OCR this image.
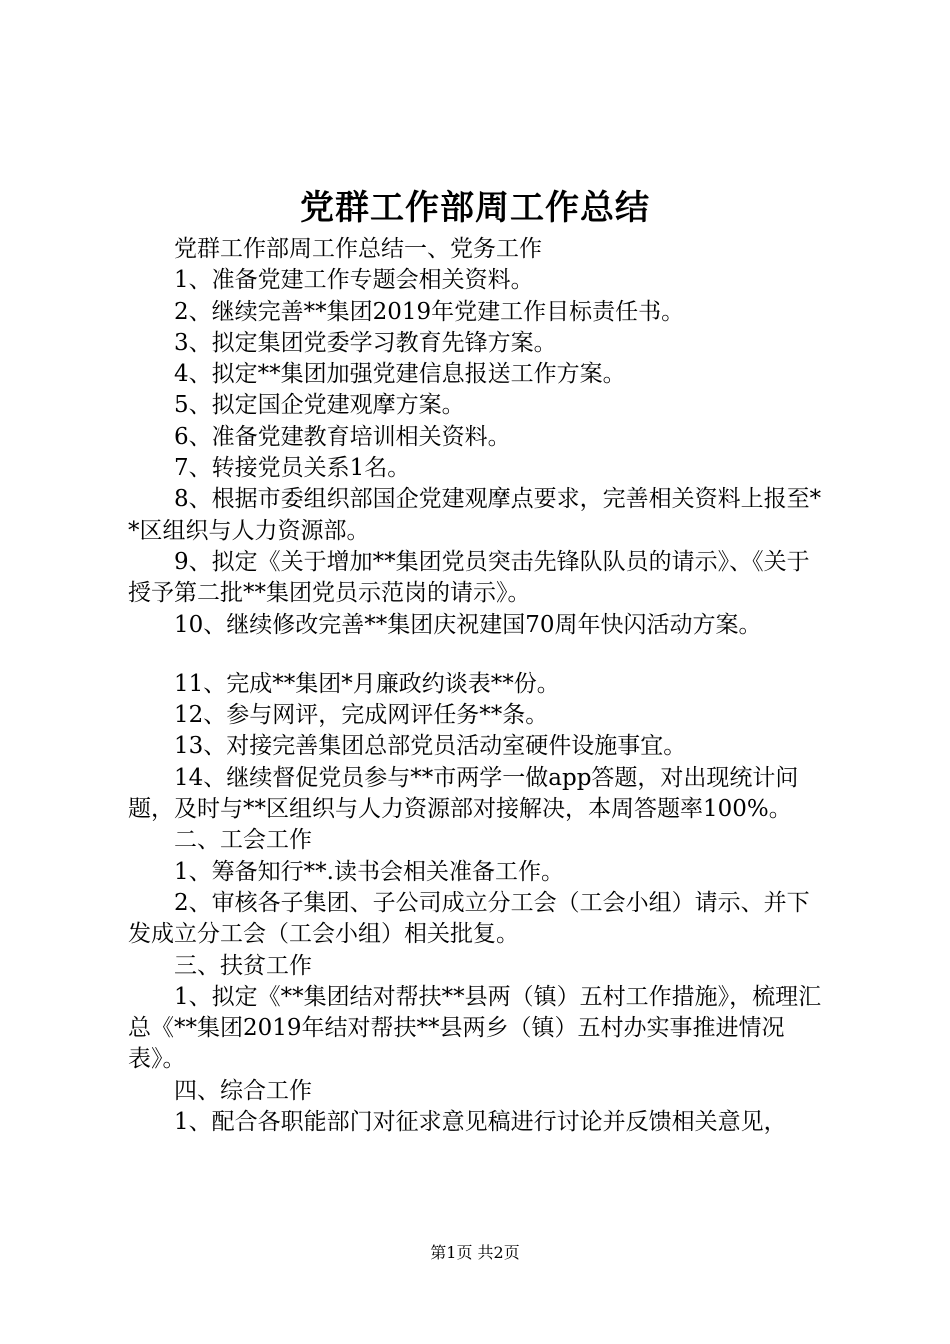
党群工作部周工作总结

党群工作部周工作总结一、党务工作

1、准备党建工作专题会相关资料。

2、继续完善**集团2019年党建工作目标责任书。

3、拟定集团党委学习教育先锋方案。

4、拟定**集团加强党建信息报送工作方案。

5、拟定国企党建观摩方案。

6、准备党建教育培训相关资料。

7、转接党员关系1名。

8、根据市委组织部国企党建观摩点要求，完善相关资料上报至**区组织与人力资源部。

9、拟定《关于增加**集团党员突击先锋队队员的请示》、《关于授予第二批**集团党员示范岗的请示》。

10、继续修改完善**集团庆祝建国70周年快闪活动方案。

11、完成**集团*月廉政约谈表**份。

12、参与网评，完成网评任务**条。

13、对接完善集团总部党员活动室硬件设施事宜。

14、继续督促党员参与**市两学一做app答题，对出现统计问题，及时与**区组织与人力资源部对接解决，本周答题率100%。

二、工会工作

1、筹备知行**.读书会相关准备工作。

2、审核各子集团、子公司成立分工会（工会小组）请示、并下发成立分工会（工会小组）相关批复。

三、扶贫工作

1、拟定《**集团结对帮扶**县两（镇）五村工作措施》，梳理汇总《**集团2019年结对帮扶**县两乡（镇）五村办实事推进情况表》。

四、综合工作

1、配合各职能部门对征求意见稿进行讨论并反馈相关意见，

第1页 共2页
